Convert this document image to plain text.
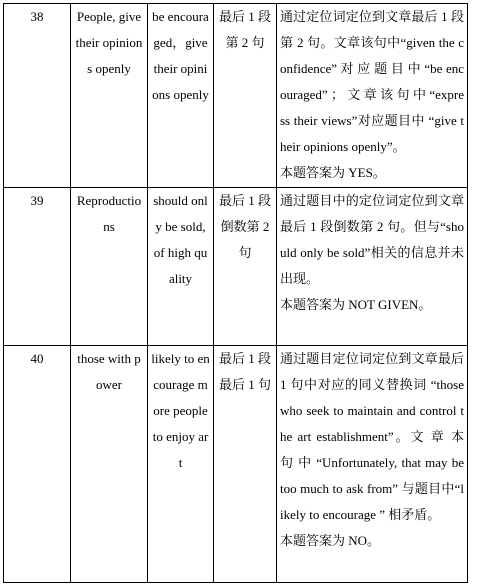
38	People, give their opinions openly	be encouraged，give their opinions openly	最后 1 段第 2 句	通过定位词定位到文章最后 1 段第 2 句。文章该句中“given the confidence” 对 应 题 目 中 “be encouraged” ； 文 章 该 句 中 “express their views”对应题目中 “give their opinions openly”。
本题答案为 YES。

39	Reproductions	should only be sold, of high quality	最后 1 段倒数第 2 句	通过题目中的定位词定位到文章最后 1 段倒数第 2 句。但与“should only be sold”相关的信息并未出现。
本题答案为 NOT GIVEN。

40	those with power	likely to encourage more people to enjoy art	最后 1 段最后 1 句	通过题目定位词定位到文章最后 1 句中对应的同义替换词 “those who seek to maintain and control the art establishment”。文 章 本 句 中 “Unfortunately, that may be too much to ask from” 与题目中“likely to encourage ” 相矛盾。
本题答案为 NO。
